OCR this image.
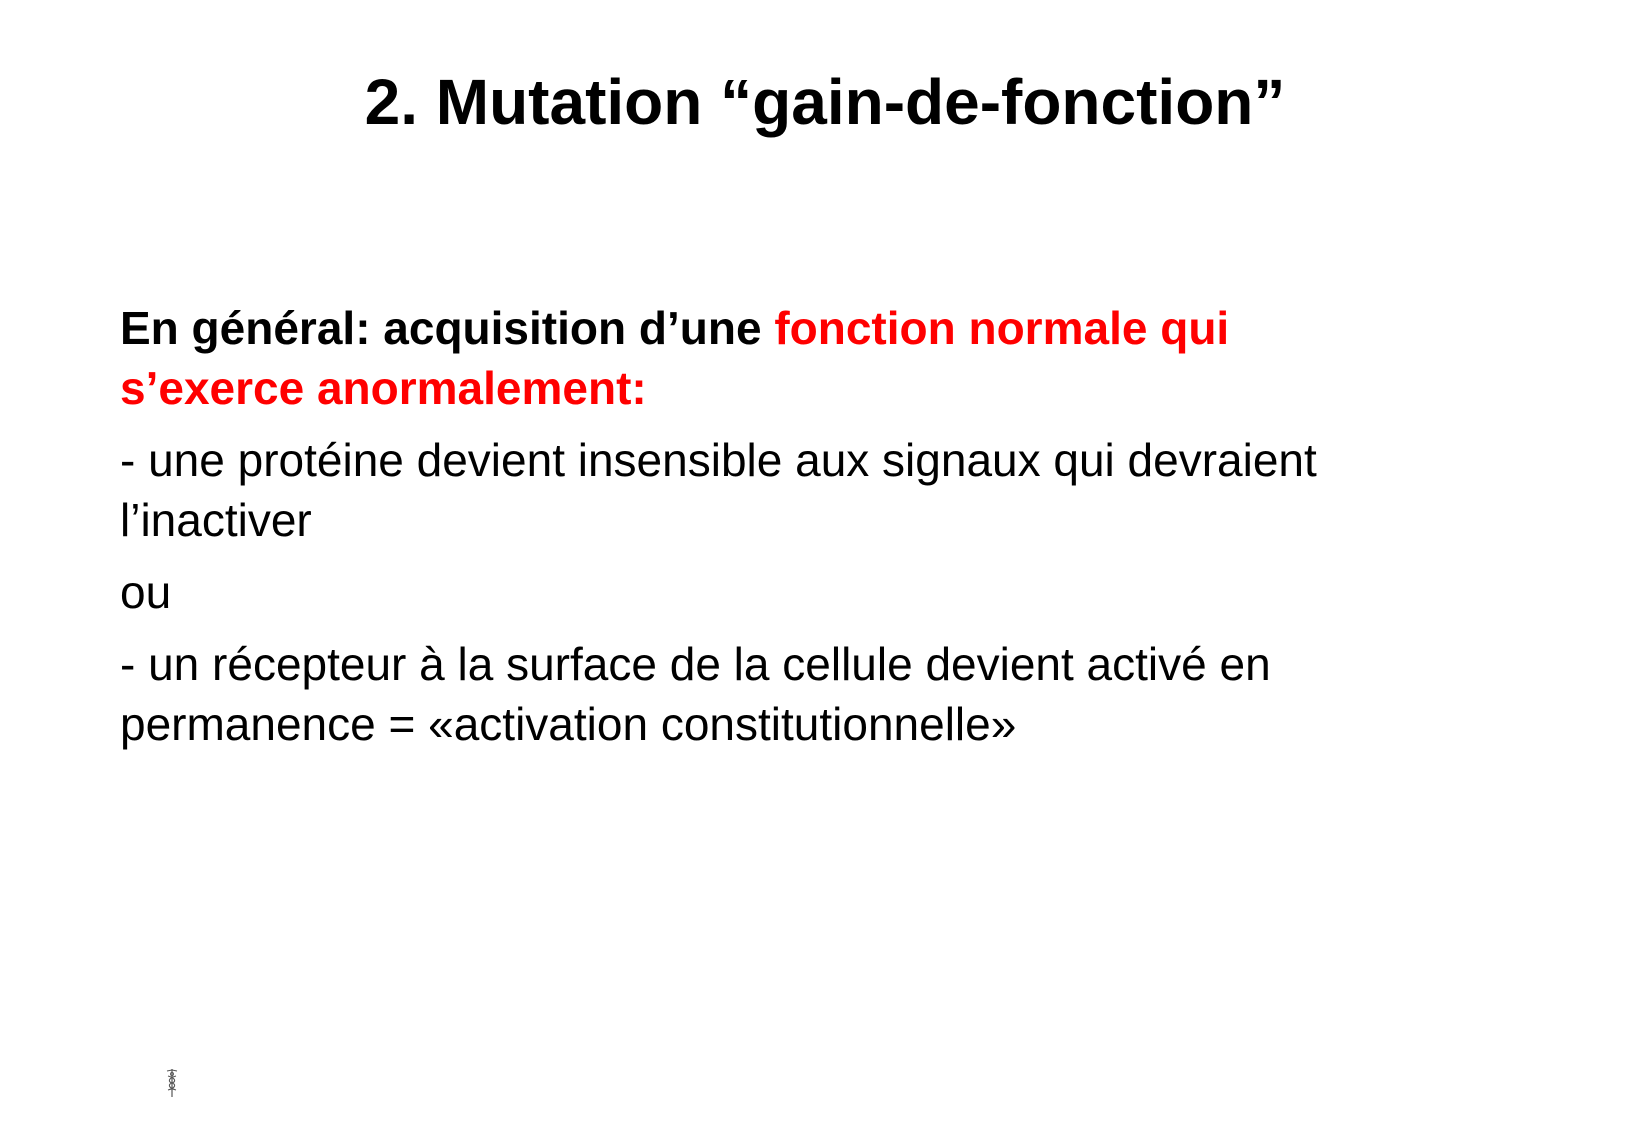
2. Mutation “gain-de-fonction”

En général: acquisition d’une fonction normale qui
s’exerce anormalement:

- une protéine devient insensible aux signaux qui devraient
l’inactiver

ou

- un récepteur à la surface de la cellule devient activé en
permanence = «activation constitutionnelle»
